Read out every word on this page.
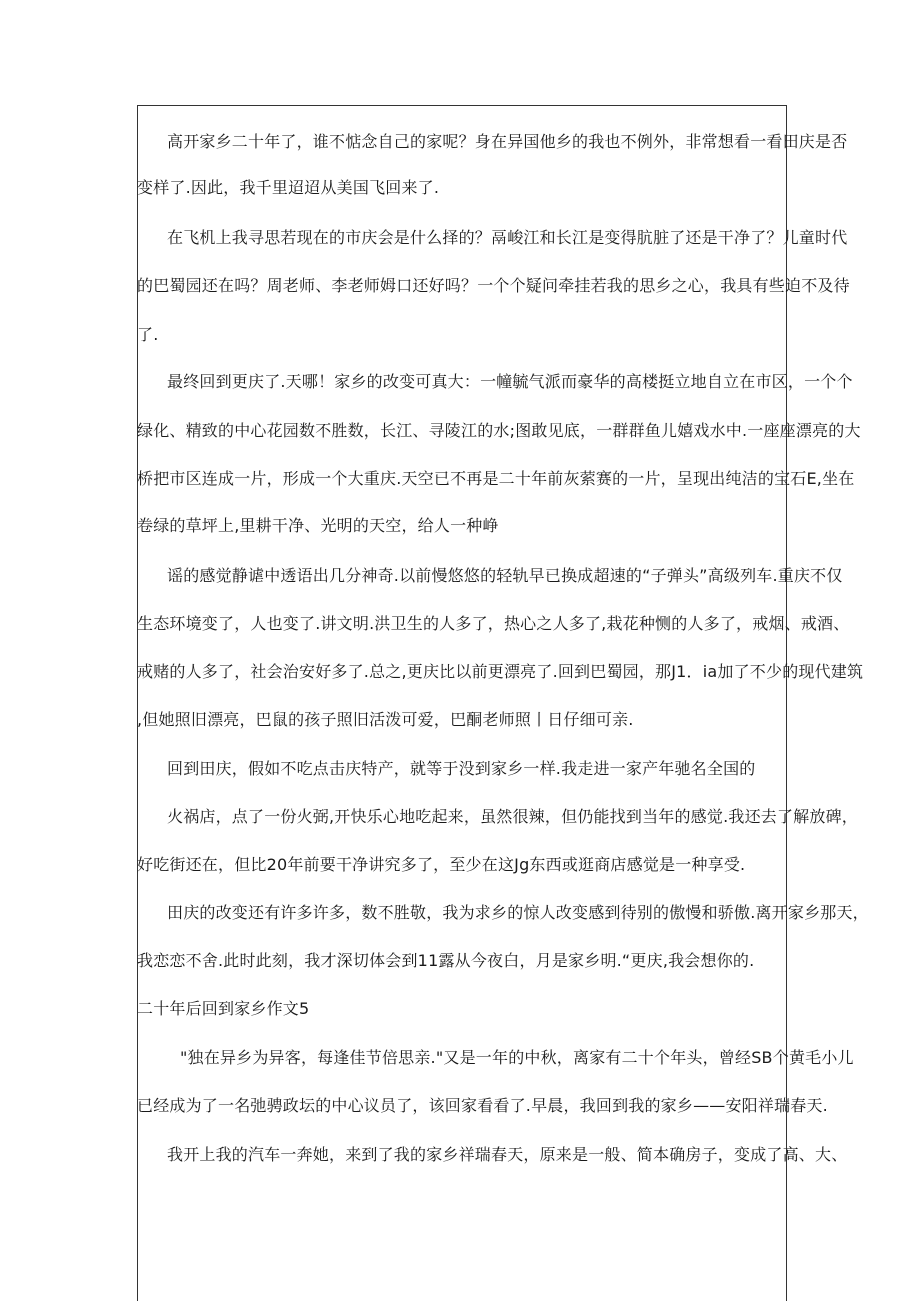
高开家乡二十年了，谁不惦念自己的家呢？身在异国他乡的我也不例外，非常想看一看田庆是否
变样了.因此，我千里迢迢从美国飞回来了.
在飞机上我寻思若现在的市庆会是什么择的？鬲峻江和长江是变得肮脏了还是干净了？儿童时代
的巴蜀园还在吗？周老师、李老师姆口还好吗？一个个疑问牵挂若我的思乡之心，我具有些迫不及待
了.
最终回到更庆了.天哪！家乡的改变可真大：一幢毓气派而豪华的高楼挺立地自立在市区，一个个
绿化、精致的中心花园数不胜数，长江、寻陵江的水;图敢见底，一群群鱼儿嬉戏水中.一座座漂亮的大
桥把市区连成一片，形成一个大重庆.天空已不再是二十年前灰萦赛的一片，呈现出纯洁的宝石E,坐在
卷绿的草坪上,里耕干净、光明的天空，给人一种峥
谣的感觉静谑中透语出几分神奇.以前慢悠悠的轻轨早已换成超速的“子弹头”高级列车.重庆不仅
生态环境变了，人也变了.讲文明.洪卫生的人多了，热心之人多了,栽花种恻的人多了，戒烟、戒酒、
戒赌的人多了，社会治安好多了.总之,更庆比以前更漂亮了.回到巴蜀园，那J1．ia加了不少的现代建筑
,但她照旧漂亮，巴鼠的孩子照旧活泼可爱，巴酮老师照丨日仔细可亲.
回到田庆，假如不吃点击庆特产，就等于没到家乡一样.我走进一家产年驰名全国的
火祸店，点了一份火弼,开快乐心地吃起来，虽然很辣，但仍能找到当年的感觉.我还去了解放碑，
好吃街还在，但比20年前要干净讲究多了，至少在这Jg东西或逛商店感觉是一种享受.
田庆的改变还有许多许多，数不胜敬，我为求乡的惊人改变感到待别的傲慢和骄傲.离开家乡那天，
我恋恋不舍.此时此刻，我才深切体会到11露从今夜白，月是家乡明.“更庆,我会想你的.
二十年后回到家乡作文5
"独在异乡为异客，每逢佳节倍思亲."又是一年的中秋，离家有二十个年头，曾经SB个黄毛小儿
已经成为了一名弛骋政坛的中心议员了，该回家看看了.早晨，我回到我的家乡——安阳祥瑞春天.
我开上我的汽车一奔她，来到了我的家乡祥瑞春天，原来是一般、简本确房子，变成了高、大、
